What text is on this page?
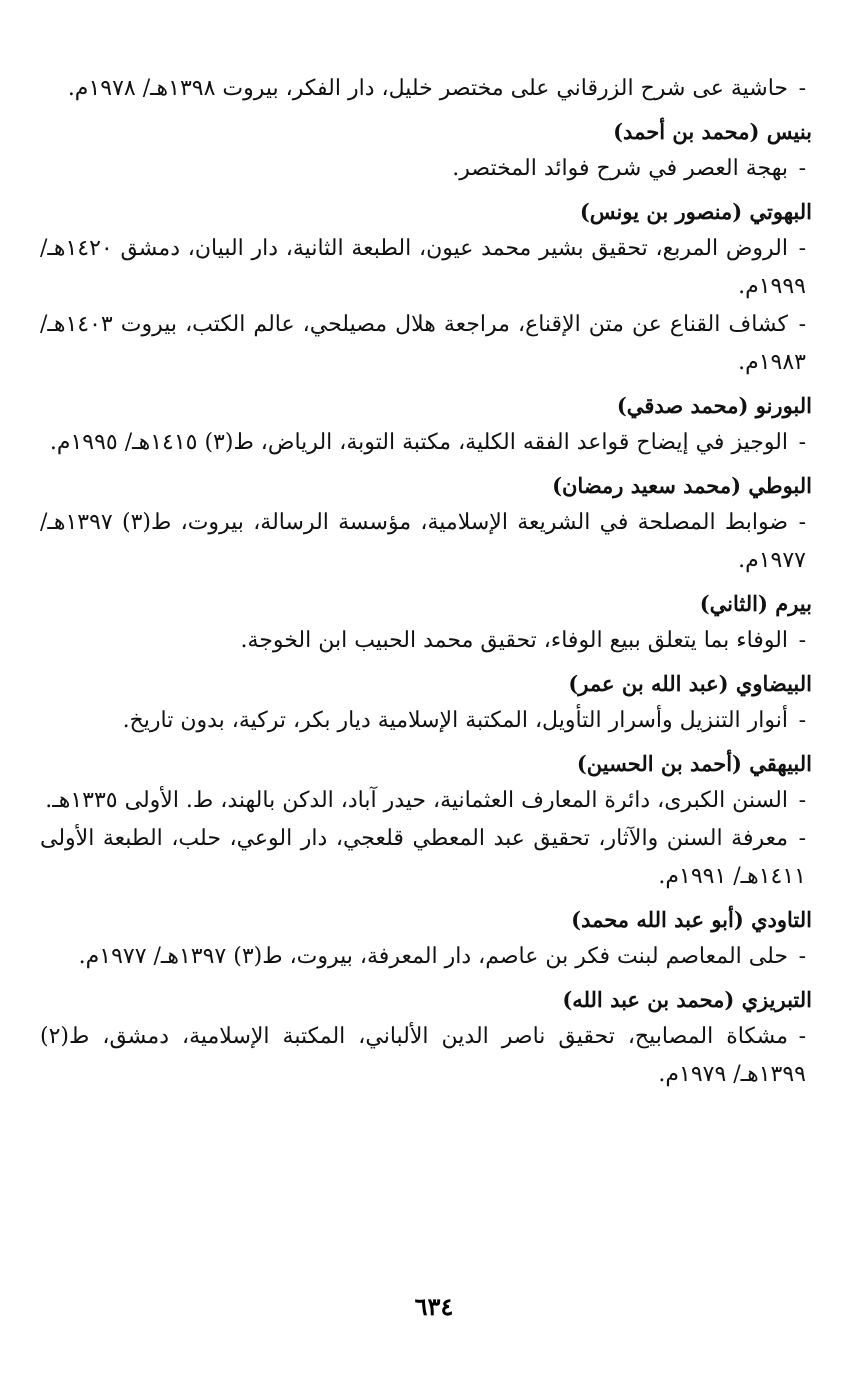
-حاشية عى شرح الزرقاني على مختصر خليل، دار الفكر، بيروت ١٣٩٨هـ/ ١٩٧٨م.
بنيس (محمد بن أحمد)
-بهجة العصر في شرح فوائد المختصر.
البهوتي (منصور بن يونس)
-الروض المربع، تحقيق بشير محمد عيون، الطبعة الثانية، دار البيان، دمشق ١٤٢٠هـ/ ١٩٩٩م.
-كشاف القناع عن متن الإقناع، مراجعة هلال مصيلحي، عالم الكتب، بيروت ١٤٠٣هـ/ ١٩٨٣م.
البورنو (محمد صدقي)
-الوجيز في إيضاح قواعد الفقه الكلية، مكتبة التوبة، الرياض، ط(٣) ١٤١٥هـ/ ١٩٩٥م.
البوطي (محمد سعيد رمضان)
-ضوابط المصلحة في الشريعة الإسلامية، مؤسسة الرسالة، بيروت، ط(٣) ١٣٩٧هـ/ ١٩٧٧م.
بيرم (الثاني)
-الوفاء بما يتعلق ببيع الوفاء، تحقيق محمد الحبيب ابن الخوجة.
البيضاوي (عبد الله بن عمر)
-أنوار التنزيل وأسرار التأويل، المكتبة الإسلامية ديار بكر، تركية، بدون تاريخ.
البيهقي (أحمد بن الحسين)
-السنن الكبرى، دائرة المعارف العثمانية، حيدر آباد، الدكن بالهند، ط. الأولى ١٣٣٥هـ.
-معرفة السنن والآثار، تحقيق عبد المعطي قلعجي، دار الوعي، حلب، الطبعة الأولى ١٤١١هـ/ ١٩٩١م.
التاودي (أبو عبد الله محمد)
-حلى المعاصم لبنت فكر بن عاصم، دار المعرفة، بيروت، ط(٣) ١٣٩٧هـ/ ١٩٧٧م.
التبريزي (محمد بن عبد الله)
-مشكاة المصابيح، تحقيق ناصر الدين الألباني، المكتبة الإسلامية، دمشق، ط(٢) ١٣٩٩هـ/ ١٩٧٩م.
٦٣٤
